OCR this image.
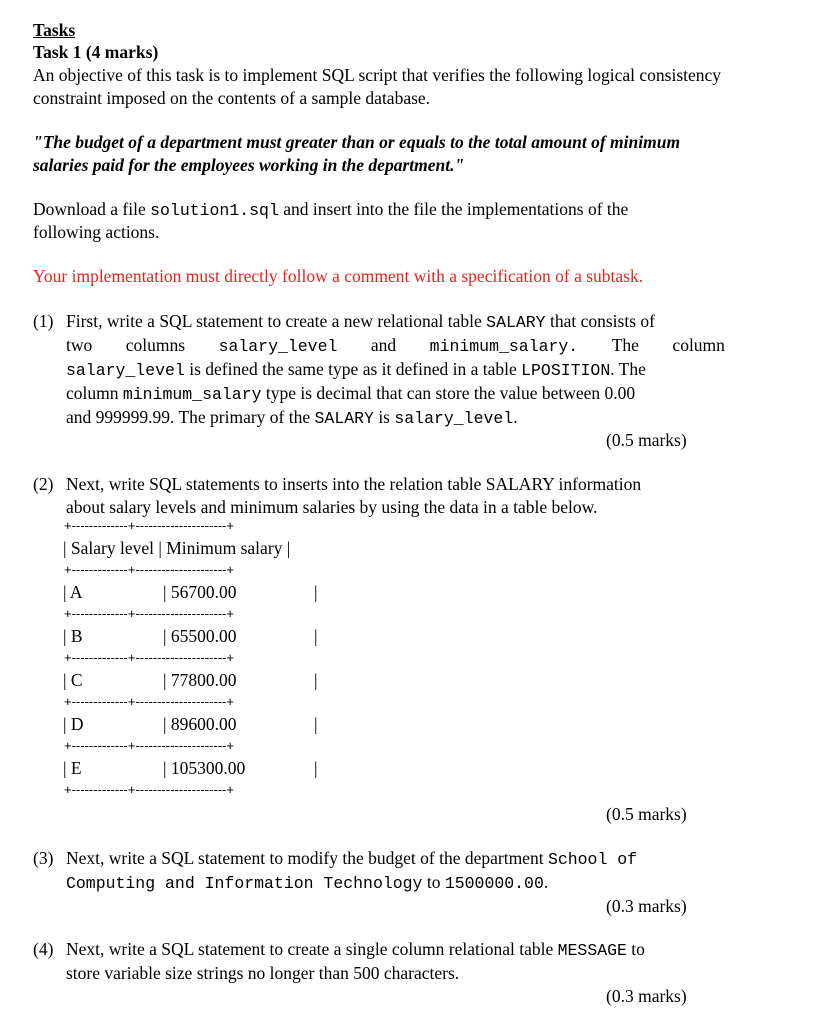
Tasks
Task 1 (4 marks)
An objective of this task is to implement SQL script that verifies the following logical consistency constraint imposed on the contents of a sample database.
"The budget of a department must greater than or equals to the total amount of minimum
salaries paid for the employees working in the department."
Download a file solution1.sql and insert into the file the implementations of the
following actions.
Your implementation must directly follow a comment with a specification of a subtask.
(1) First, write a SQL statement to create a new relational table SALARY that consists of
two columns salary_level and minimum_salary. The column
salary_level is defined the same type as it defined in a table LPOSITION. The
column minimum_salary type is decimal that can store the value between 0.00
and 999999.99. The primary of the SALARY is salary_level.
(0.5 marks)
(2) Next, write SQL statements to inserts into the relation table SALARY information
about salary levels and minimum salaries by using the data in a table below.
+-------------+---------------------+
| Salary level | Minimum salary |
+-------------+---------------------+
| A	| 56700.00	|
+-------------+---------------------+
| B	| 65500.00	|
+-------------+---------------------+
| C	| 77800.00	|
+-------------+---------------------+
| D	| 89600.00	|
+-------------+---------------------+
| E	| 105300.00	|
+-------------+---------------------+
(0.5 marks)
(3) Next, write a SQL statement to modify the budget of the department School of
Computing and Information Technology to 1500000.00.
(0.3 marks)
(4) Next, write a SQL statement to create a single column relational table MESSAGE to
store variable size strings no longer than 500 characters.
(0.3 marks)
